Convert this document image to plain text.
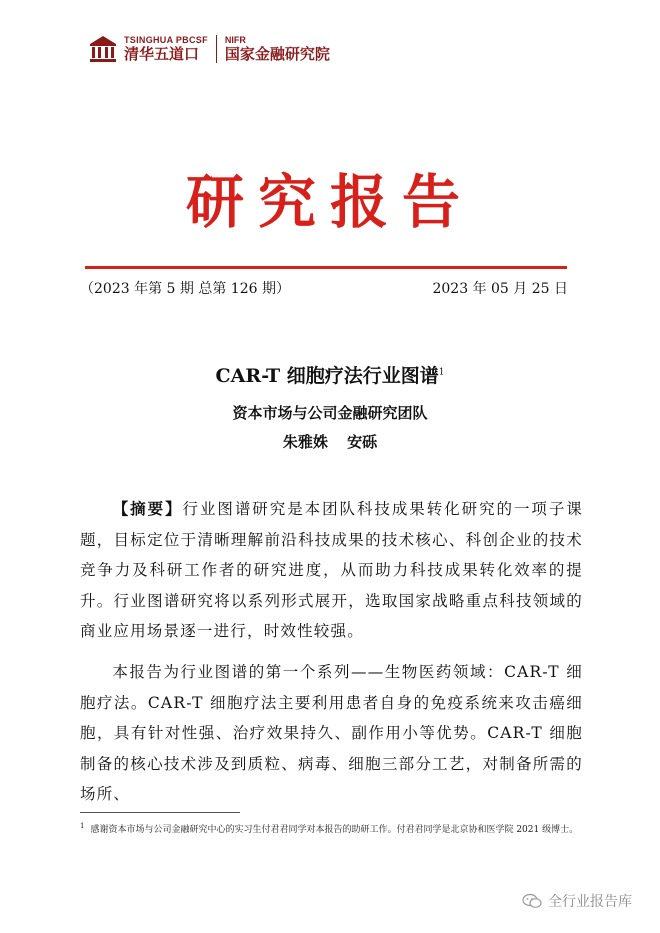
TSINGHUA PBCSF
清华五道口
NIFR
国家金融研究院
研究报告
（2023 年第 5 期 总第 126 期）	2023 年 05 月 25 日
CAR-T 细胞疗法行业图谱$^1$
资本市场与公司金融研究团队
朱雅姝 安砾
【摘要】行业图谱研究是本团队科技成果转化研究的一项子课题，目标定位于清晰理解前沿科技成果的技术核心、科创企业的技术竞争力及科研工作者的研究进度，从而助力科技成果转化效率的提升。行业图谱研究将以系列形式展开，选取国家战略重点科技领域的商业应用场景逐一进行，时效性较强。
本报告为行业图谱的第一个系列——生物医药领域：CAR-T 细胞疗法。CAR-T 细胞疗法主要利用患者自身的免疫系统来攻击癌细胞，具有针对性强、治疗效果持久、副作用小等优势。CAR-T 细胞制备的核心技术涉及到质粒、病毒、细胞三部分工艺，对制备所需的场所、
$^1$ 感谢资本市场与公司金融研究中心的实习生付君君同学对本报告的助研工作。付君君同学是北京协和医学院 2021 级博士。
全行业报告库
